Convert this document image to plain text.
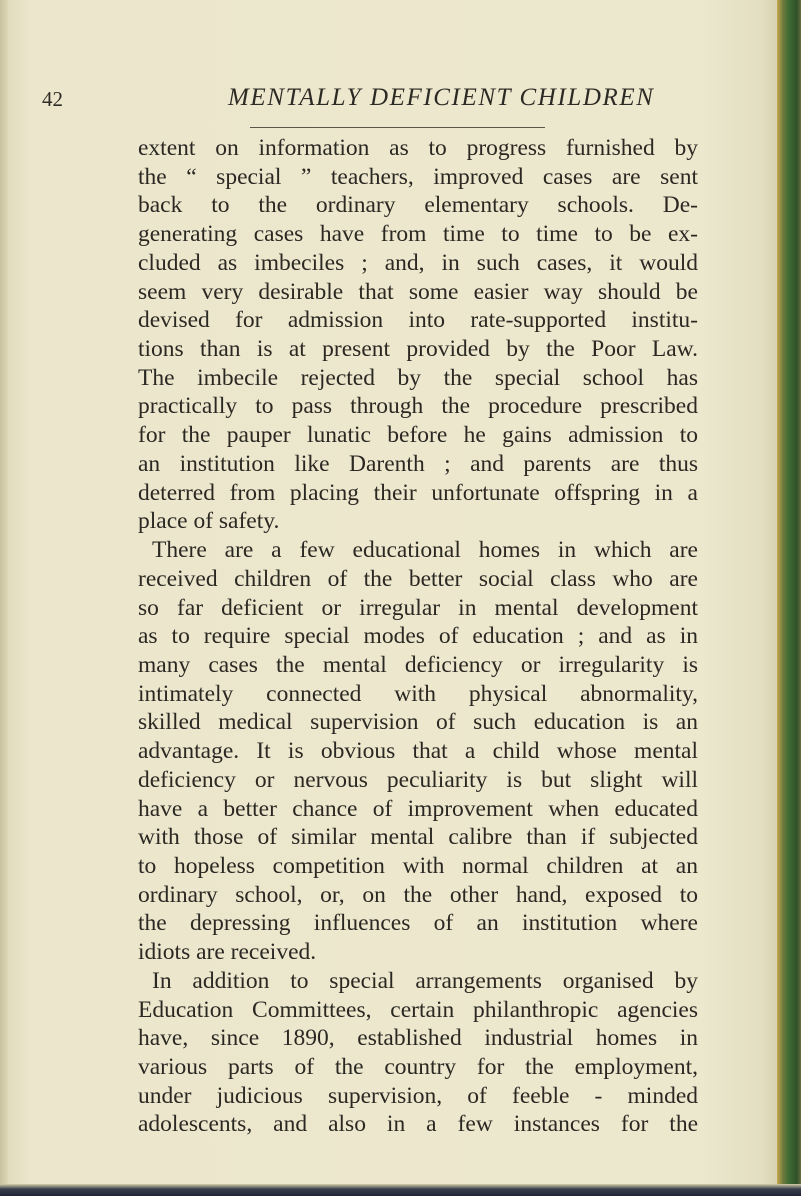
42	MENTALLY DEFICIENT CHILDREN
extent on information as to progress furnished by
the “ special ” teachers, improved cases are sent
back to the ordinary elementary schools. De-
generating cases have from time to time to be ex-
cluded as imbeciles ; and, in such cases, it would
seem very desirable that some easier way should be
devised for admission into rate-supported institu-
tions than is at present provided by the Poor Law.
The imbecile rejected by the special school has
practically to pass through the procedure prescribed
for the pauper lunatic before he gains admission to
an institution like Darenth ; and parents are thus
deterred from placing their unfortunate offspring in a
place of safety.
There are a few educational homes in which are
received children of the better social class who are
so far deficient or irregular in mental development
as to require special modes of education ; and as in
many cases the mental deficiency or irregularity is
intimately connected with physical abnormality,
skilled medical supervision of such education is an
advantage. It is obvious that a child whose mental
deficiency or nervous peculiarity is but slight will
have a better chance of improvement when educated
with those of similar mental calibre than if subjected
to hopeless competition with normal children at an
ordinary school, or, on the other hand, exposed to
the depressing influences of an institution where
idiots are received.
In addition to special arrangements organised by
Education Committees, certain philanthropic agencies
have, since 1890, established industrial homes in
various parts of the country for the employment,
under judicious supervision, of feeble - minded
adolescents, and also in a few instances for the
